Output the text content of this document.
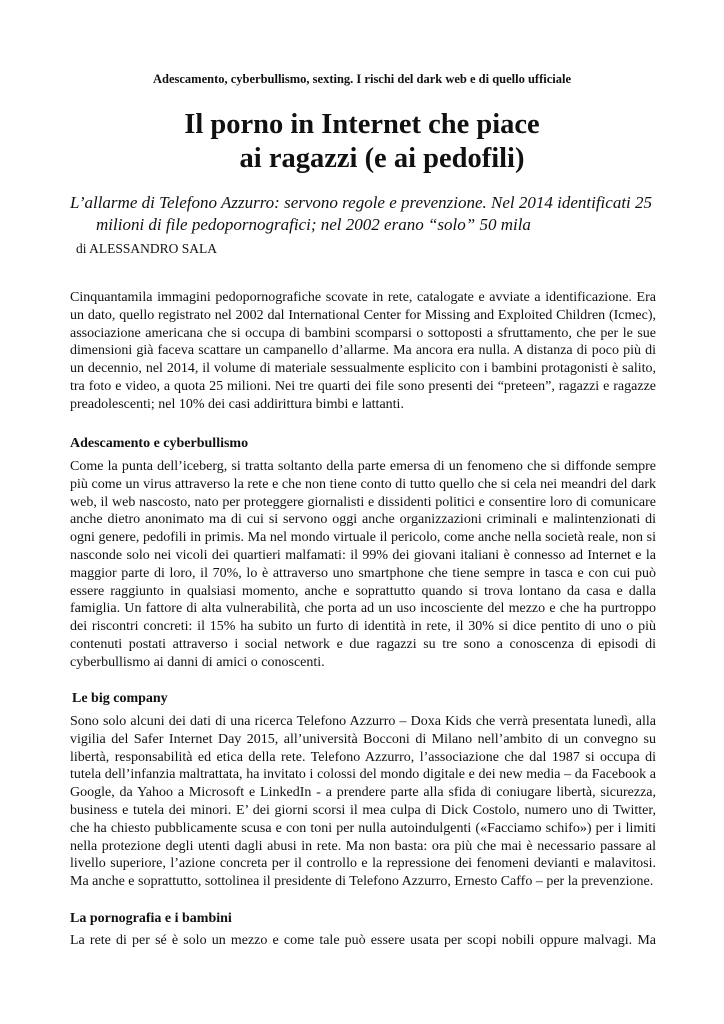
Adescamento, cyberbullismo, sexting. I rischi del dark web e di quello ufficiale
Il porno in Internet che piace
ai ragazzi (e ai pedofili)
L’allarme di Telefono Azzurro: servono regole e prevenzione. Nel 2014 identificati 25
milioni di file pedopornografici; nel 2002 erano “solo” 50 mila
di ALESSANDRO SALA
Cinquantamila immagini pedopornografiche scovate in rete, catalogate e avviate a identificazione. Era un dato, quello registrato nel 2002 dal International Center for Missing and Exploited Children (Icmec), associazione americana che si occupa di bambini scomparsi o sottoposti a sfruttamento, che per le sue dimensioni già faceva scattare un campanello d’allarme. Ma ancora era nulla. A distanza di poco più di un decennio, nel 2014, il volume di materiale sessualmente esplicito con i bambini protagonisti è salito, tra foto e video, a quota 25 milioni. Nei tre quarti dei file sono presenti dei “preteen”, ragazzi e ragazze preadolescenti; nel 10% dei casi addirittura bimbi e lattanti.
Adescamento e cyberbullismo
Come la punta dell’iceberg, si tratta soltanto della parte emersa di un fenomeno che si diffonde sempre più come un virus attraverso la rete e che non tiene conto di tutto quello che si cela nei meandri del dark web, il web nascosto, nato per proteggere giornalisti e dissidenti politici e consentire loro di comunicare anche dietro anonimato ma di cui si servono oggi anche organizzazioni criminali e malintenzionati di ogni genere, pedofili in primis. Ma nel mondo virtuale il pericolo, come anche nella società reale, non si nasconde solo nei vicoli dei quartieri malfamati: il 99% dei giovani italiani è connesso ad Internet e la maggior parte di loro, il 70%, lo è attraverso uno smartphone che tiene sempre in tasca e con cui può essere raggiunto in qualsiasi momento, anche e soprattutto quando si trova lontano da casa e dalla famiglia. Un fattore di alta vulnerabilità, che porta ad un uso incosciente del mezzo e che ha purtroppo dei riscontri concreti: il 15% ha subito un furto di identità in rete, il 30% si dice pentito di uno o più contenuti postati attraverso i social network e due ragazzi su tre sono a conoscenza di episodi di cyberbullismo ai danni di amici o conoscenti.
Le big company
Sono solo alcuni dei dati di una ricerca Telefono Azzurro – Doxa Kids che verrà presentata lunedì, alla vigilia del Safer Internet Day 2015, all’università Bocconi di Milano nell’ambito di un convegno su libertà, responsabilità ed etica della rete. Telefono Azzurro, l’associazione che dal 1987 si occupa di tutela dell’infanzia maltrattata, ha invitato i colossi del mondo digitale e dei new media – da Facebook a Google, da Yahoo a Microsoft e LinkedIn - a prendere parte alla sfida di coniugare libertà, sicurezza, business e tutela dei minori. E’ dei giorni scorsi il mea culpa di Dick Costolo, numero uno di Twitter, che ha chiesto pubblicamente scusa e con toni per nulla autoindulgenti («Facciamo schifo») per i limiti nella protezione degli utenti dagli abusi in rete. Ma non basta: ora più che mai è necessario passare al livello superiore, l’azione concreta per il controllo e la repressione dei fenomeni devianti e malavitosi. Ma anche e soprattutto, sottolinea il presidente di Telefono Azzurro, Ernesto Caffo – per la prevenzione.
La pornografia e i bambini
La rete di per sé è solo un mezzo e come tale può essere usata per scopi nobili oppure malvagi. Ma
